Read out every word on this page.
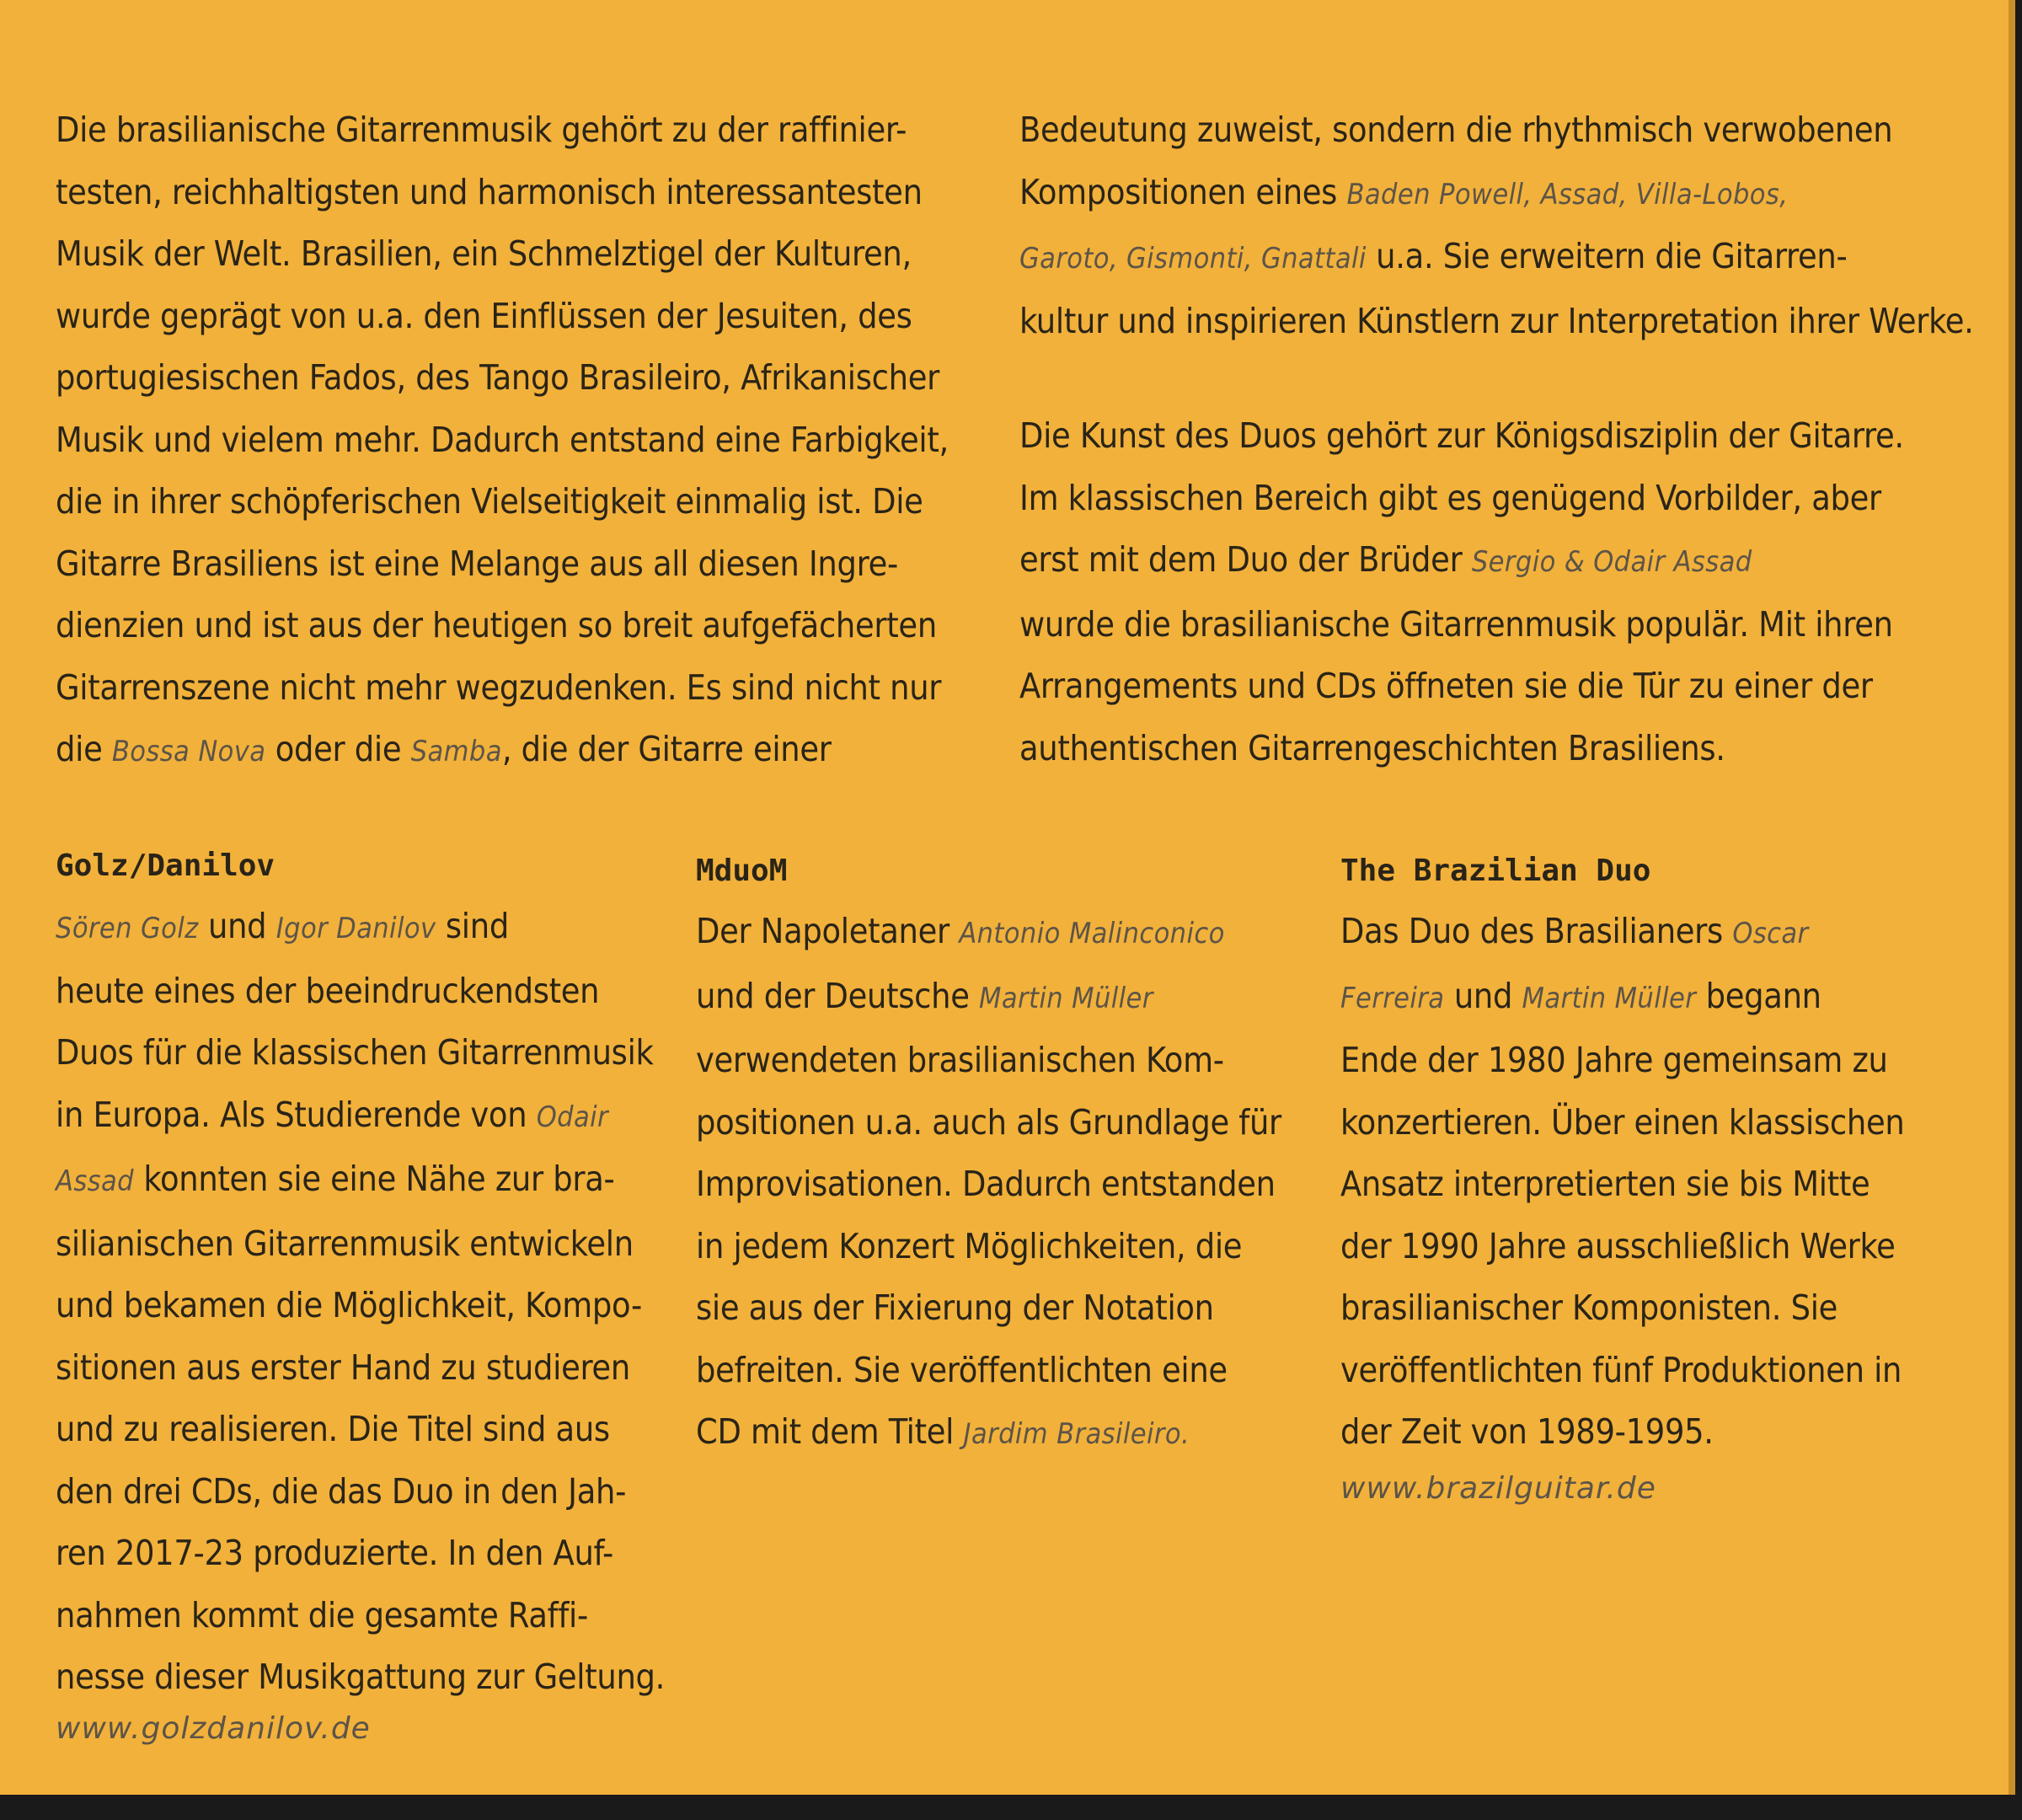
Die brasilianische Gitarrenmusik gehört zu der raffinier-
testen, reichhaltigsten und harmonisch interessantesten
Musik der Welt. Brasilien, ein Schmelztigel der Kulturen,
wurde geprägt von u.a. den Einflüssen der Jesuiten, des
portugiesischen Fados, des Tango Brasileiro, Afrikanischer
Musik und vielem mehr. Dadurch entstand eine Farbigkeit,
die in ihrer schöpferischen Vielseitigkeit einmalig ist. Die
Gitarre Brasiliens ist eine Melange aus all diesen Ingre-
dienzien und ist aus der heutigen so breit aufgefächerten
Gitarrenszene nicht mehr wegzudenken. Es sind nicht nur
die Bossa Nova oder die Samba, die der Gitarre einer
Bedeutung zuweist, sondern die rhythmisch verwobenen
Kompositionen eines Baden Powell, Assad, Villa-Lobos,
Garoto, Gismonti, Gnattali u.a. Sie erweitern die Gitarren-
kultur und inspirieren Künstlern zur Interpretation ihrer Werke.
Die Kunst des Duos gehört zur Königsdisziplin der Gitarre.
Im klassischen Bereich gibt es genügend Vorbilder, aber
erst mit dem Duo der Brüder Sergio & Odair Assad
wurde die brasilianische Gitarrenmusik populär. Mit ihren
Arrangements und CDs öffneten sie die Tür zu einer der
authentischen Gitarrengeschichten Brasiliens.
Golz/Danilov
Sören Golz und Igor Danilov sind
heute eines der beeindruckendsten
Duos für die klassischen Gitarrenmusik
in Europa. Als Studierende von Odair
Assad konnten sie eine Nähe zur bra-
silianischen Gitarrenmusik entwickeln
und bekamen die Möglichkeit, Kompo-
sitionen aus erster Hand zu studieren
und zu realisieren. Die Titel sind aus
den drei CDs, die das Duo in den Jah-
ren 2017-23 produzierte. In den Auf-
nahmen kommt die gesamte Raffi-
nesse dieser Musikgattung zur Geltung.
www.golzdanilov.de
MduoM
Der Napoletaner Antonio Malinconico
und der Deutsche Martin Müller
verwendeten brasilianischen Kom-
positionen u.a. auch als Grundlage für
Improvisationen. Dadurch entstanden
in jedem Konzert Möglichkeiten, die
sie aus der Fixierung der Notation
befreiten. Sie veröffentlichten eine
CD mit dem Titel Jardim Brasileiro.
The Brazilian Duo
Das Duo des Brasilianers Oscar
Ferreira und Martin Müller begann
Ende der 1980 Jahre gemeinsam zu
konzertieren. Über einen klassischen
Ansatz interpretierten sie bis Mitte
der 1990 Jahre ausschließlich Werke
brasilianischer Komponisten. Sie
veröffentlichten fünf Produktionen in
der Zeit von 1989-1995.
www.brazilguitar.de
